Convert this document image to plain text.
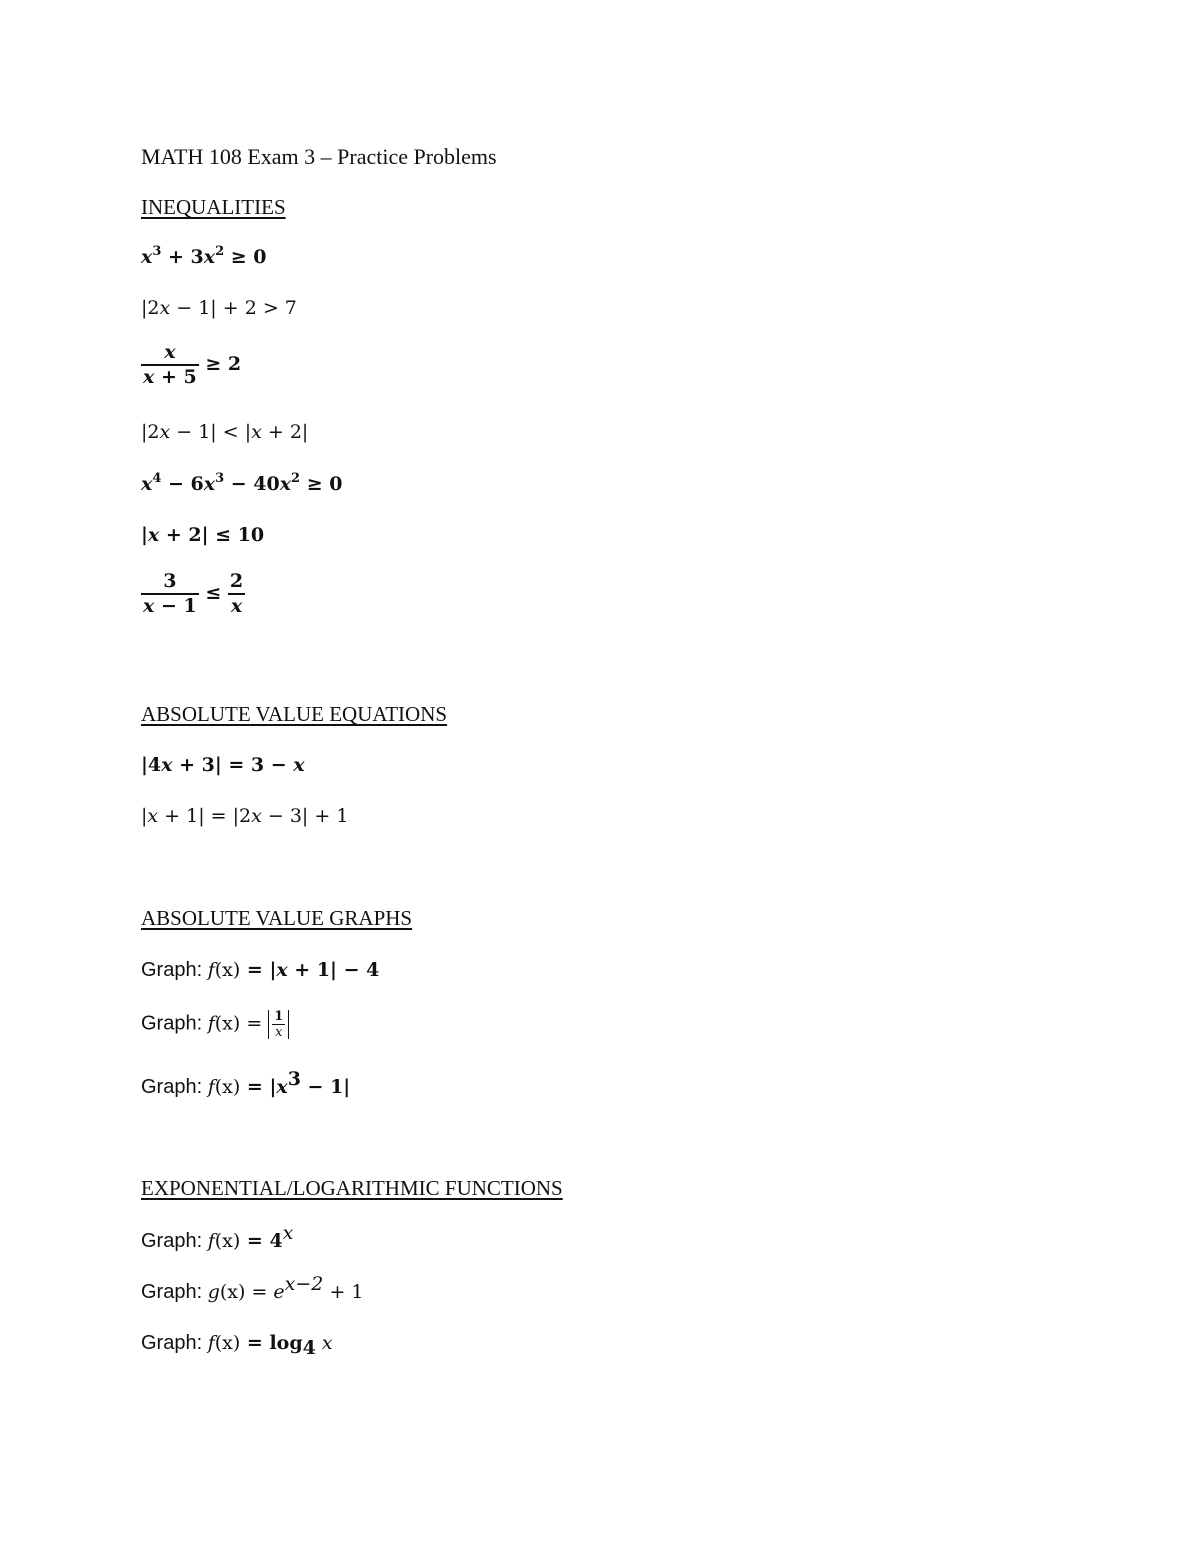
MATH 108 Exam 3 – Practice Problems
INEQUALITIES
$x^3 + 3x^2 \ge 0$
|2x − 1| + 2 > 7
$\frac{x}{x + 5} \ge 2$
|2x − 1| < |x + 2|
$x^4 - 6x^3 - 40x^2 \ge 0$
|x + 2| ≤ 10
$\frac{3}{x - 1} \le \frac{2}{x}$
ABSOLUTE VALUE EQUATIONS
|4x + 3| = 3 − x
|x + 1| = |2x − 3| + 1
ABSOLUTE VALUE GRAPHS
Graph: f(x) = |x + 1| − 4
Graph: $f(x) = \frac{1}{x}$
Graph: $f(x) = |x^3 - 1|$
EXPONENTIAL/LOGARITHMIC FUNCTIONS
Graph: $f(x) = 4^x$
Graph: $g(x) = e^{x-2} + 1$
Graph: $f(x) = \log_4 x$
